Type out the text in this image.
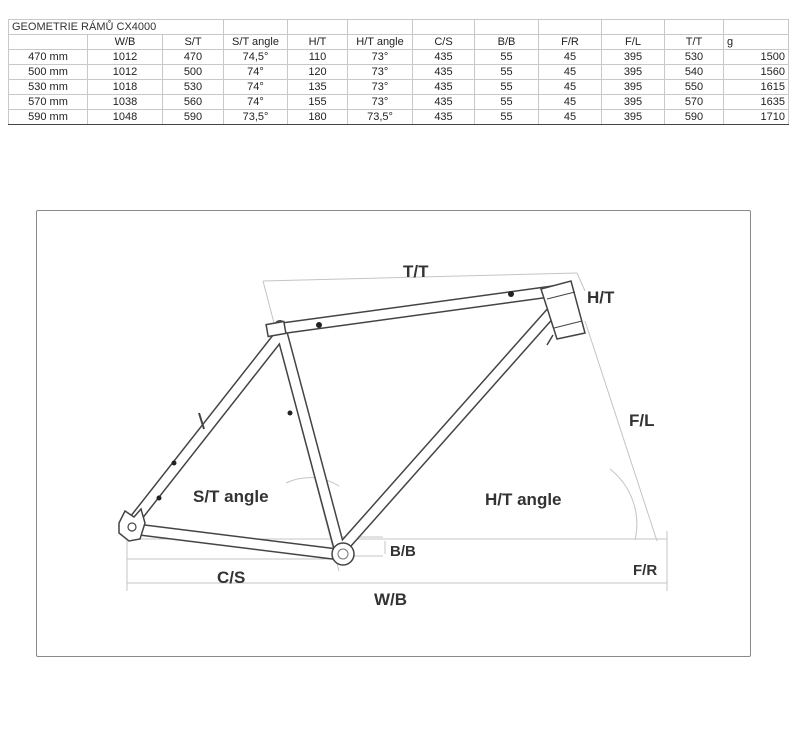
GEOMETRIE RÁMŮ CX4000											
	W/B	S/T	S/T angle	H/T	H/T angle	C/S	B/B	F/R	F/L	T/T	g
470 mm	1012	470	74,5°	110	73°	435	55	45	395	530	1500
500 mm	1012	500	74°	120	73°	435	55	45	395	540	1560
530 mm	1018	530	74°	135	73°	435	55	45	395	550	1615
570 mm	1038	560	74°	155	73°	435	55	45	395	570	1635
590 mm	1048	590	73,5°	180	73,5°	435	55	45	395	590	1710
T/T
H/T
F/L
S/T angle	H/T angle
B/B
C/S	F/R
W/B
